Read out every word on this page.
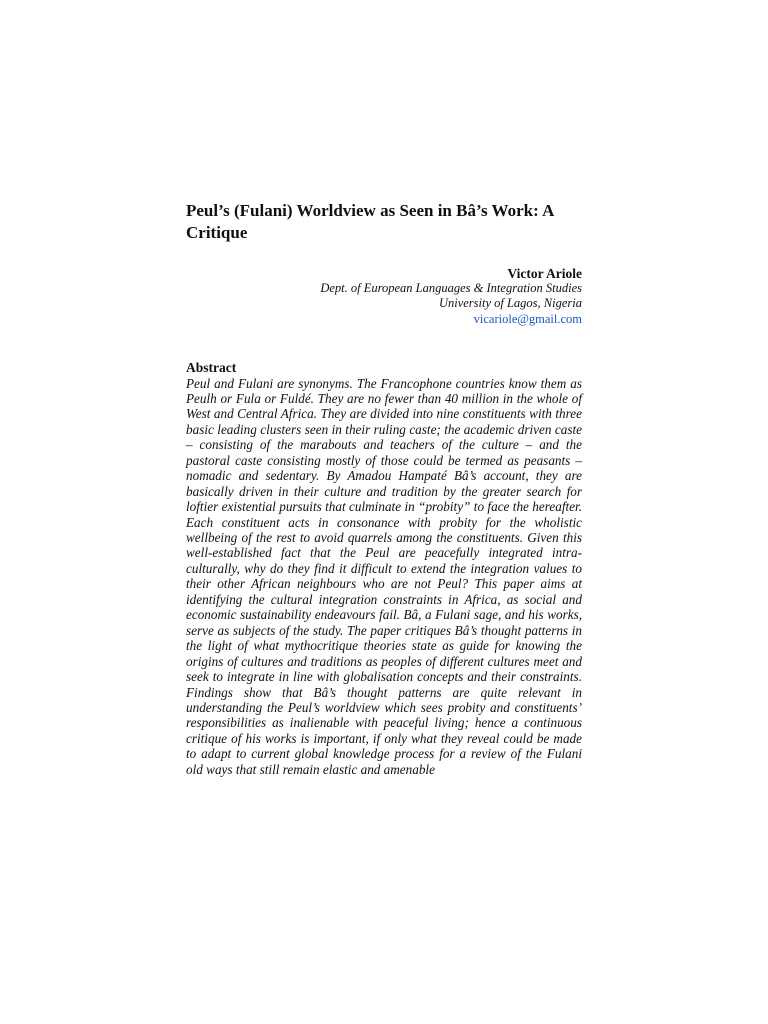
Peul’s (Fulani) Worldview as Seen in Bâ’s Work: A Critique
Victor Ariole
Dept. of European Languages & Integration Studies
University of Lagos, Nigeria
vicariole@gmail.com
Abstract

Peul and Fulani are synonyms. The Francophone countries know them as Peulh or Fula or Fuldé. They are no fewer than 40 million in the whole of West and Central Africa. They are divided into nine constituents with three basic leading clusters seen in their ruling caste; the academic driven caste – consisting of the marabouts and teachers of the culture – and the pastoral caste consisting mostly of those could be termed as peasants – nomadic and sedentary. By Amadou Hampaté Bâ’s account, they are basically driven in their culture and tradition by the greater search for loftier existential pursuits that culminate in “probity” to face the hereafter. Each constituent acts in consonance with probity for the wholistic wellbeing of the rest to avoid quarrels among the constituents. Given this well-established fact that the Peul are peacefully integrated intra-culturally, why do they find it difficult to extend the integration values to their other African neighbours who are not Peul? This paper aims at identifying the cultural integration constraints in Africa, as social and economic sustainability endeavours fail. Bâ, a Fulani sage, and his works, serve as subjects of the study. The paper critiques Bâ’s thought patterns in the light of what mythocritique theories state as guide for knowing the origins of cultures and traditions as peoples of different cultures meet and seek to integrate in line with globalisation concepts and their constraints. Findings show that Bâ’s thought patterns are quite relevant in understanding the Peul’s worldview which sees probity and constituents’ responsibilities as inalienable with peaceful living; hence a continuous critique of his works is important, if only what they reveal could be made to adapt to current global knowledge process for a review of the Fulani old ways that still remain elastic and amenable
